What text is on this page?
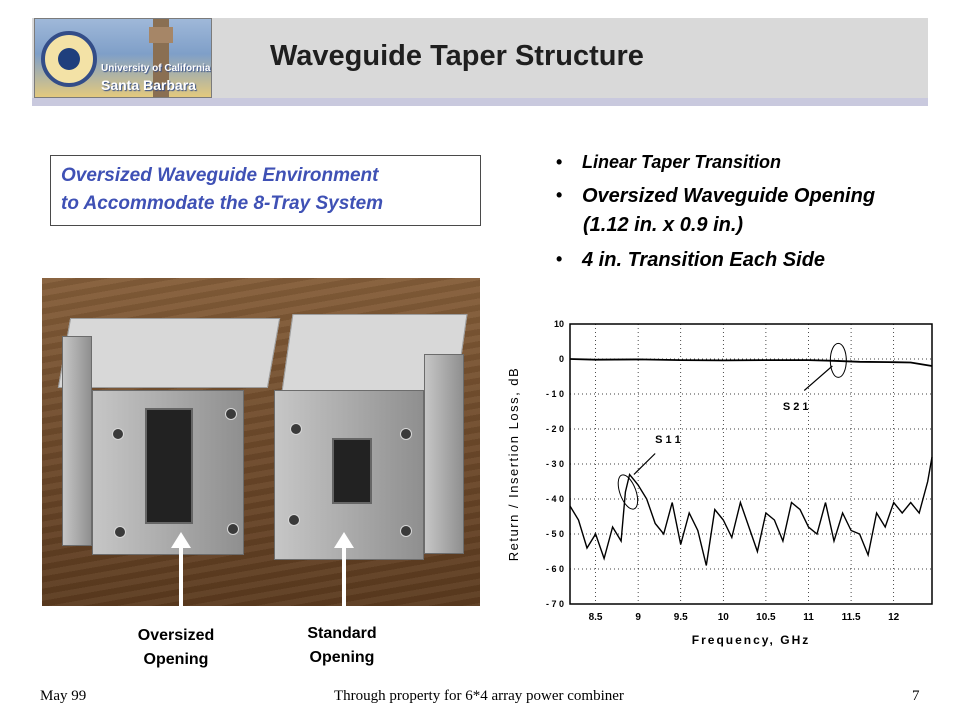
University of California
Santa Barbara
Waveguide Taper Structure
Oversized Waveguide Environment
to Accommodate the 8-Tray System
• Linear Taper Transition
• Oversized Waveguide Opening
(1.12 in. x 0.9 in.)
• 4 in. Transition Each Side
Oversized
Opening
Standard
Opening
8.5	9	9.5	10	10.5	11	11.5	12
10
0
- 1 0
- 2 0
- 3 0
- 4 0
- 5 0
- 6 0
- 7 0
S 2 1
S 1 1
Frequency, GHz
Return / Insertion Loss, dB
May 99	Through property for 6*4 array power combiner	7
